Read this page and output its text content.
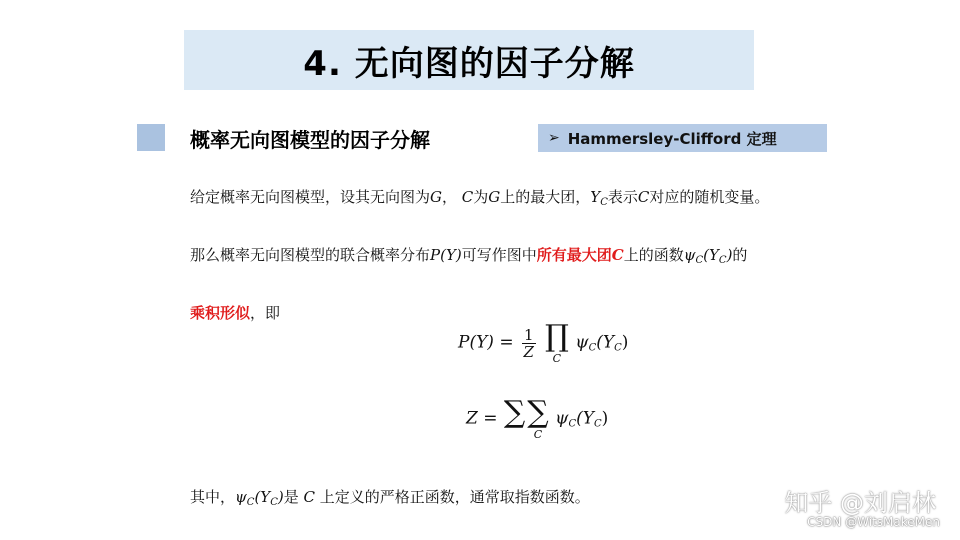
4. 无向图的因子分解
概率无向图模型的因子分解	➢ Hammersley-Clifford 定理
给定概率无向图模型，设其无向图为G， C为G上的最大团，$Y_C$表示C对应的随机变量。
那么概率无向图模型的联合概率分布P(Y)可写作图中所有最大团C上的函数$\psi_C(Y_C)$的
乘积形似，即
$P(Y) = \frac{1}{Z}$
∏
C
$\psi_C(Y_C)$
Z = ∑ ∑
C
$\psi_C(Y_C)$
其中，$\psi_C(Y_C)$是 C 上定义的严格正函数，通常取指数函数。	知乎 @刘启林
CSDN @WitsMakeMen
